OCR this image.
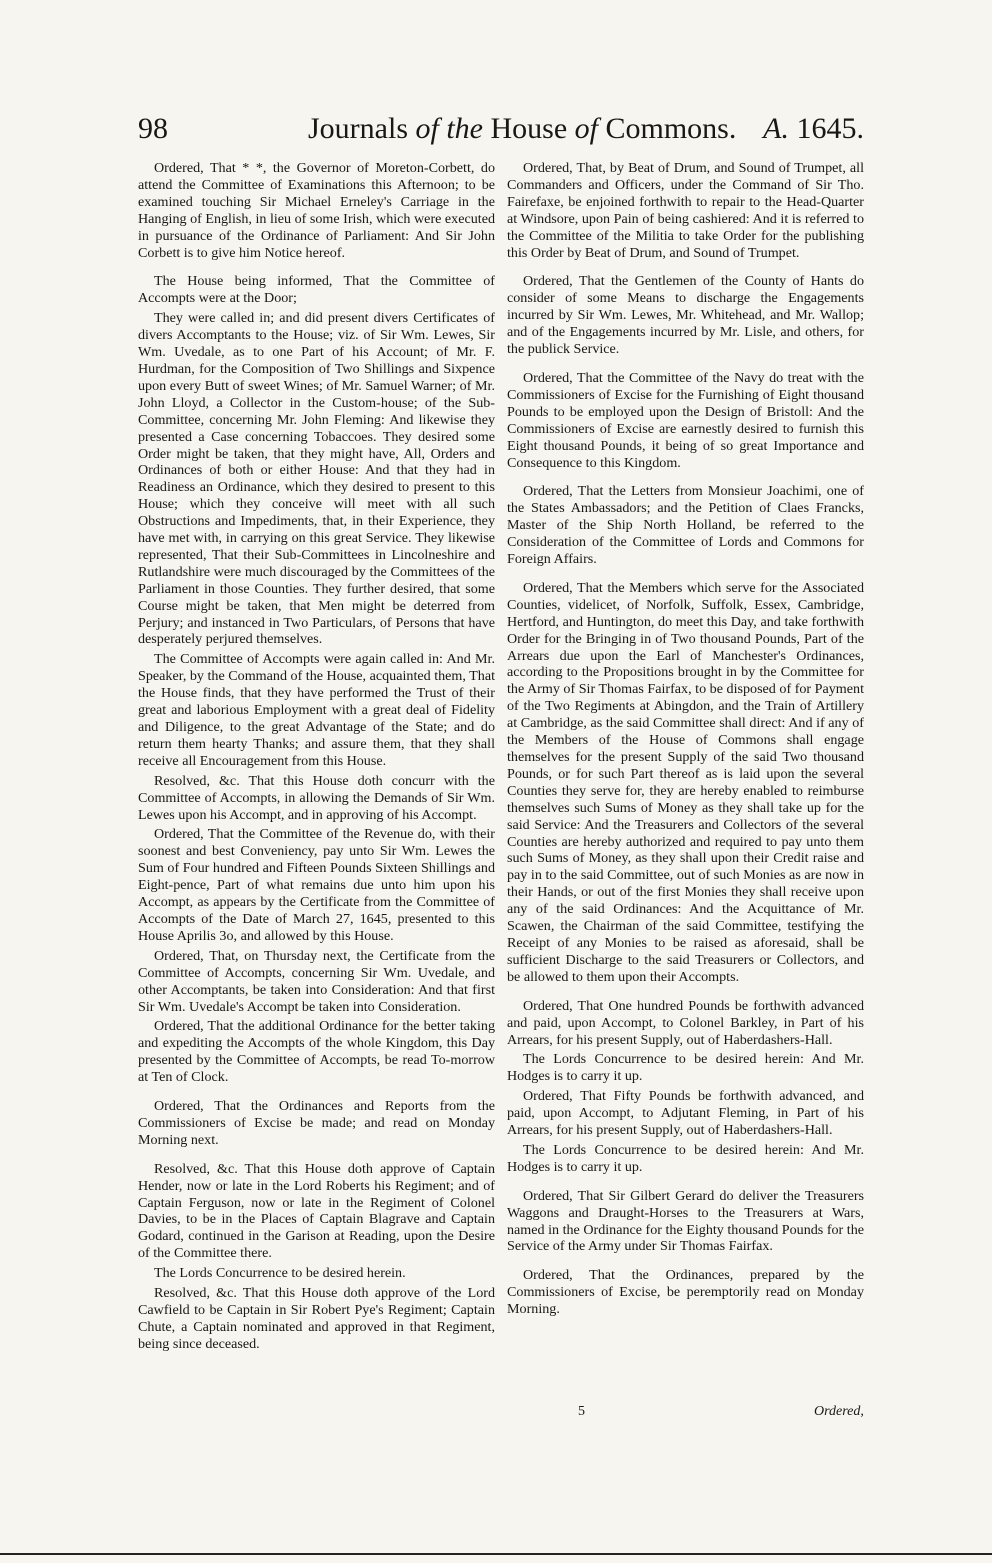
98	Journals of the House of Commons. A. 1645.

Ordered, That * *, the Governor of Moreton-Corbett, do attend the Committee of Examinations this Afternoon; to be examined touching Sir Michael Erneley's Carriage in the Hanging of English, in lieu of some Irish, which were executed in pursuance of the Ordinance of Parliament: And Sir John Corbett is to give him Notice hereof.

The House being informed, That the Committee of Accompts were at the Door;

They were called in; and did present divers Certificates of divers Accomptants to the House; viz. of Sir Wm. Lewes, Sir Wm. Uvedale, as to one Part of his Account; of Mr. F. Hurdman, for the Composition of Two Shillings and Sixpence upon every Butt of sweet Wines; of Mr. Samuel Warner; of Mr. John Lloyd, a Collector in the Custom-house; of the Sub-Committee, concerning Mr. John Fleming: And likewise they presented a Case concerning Tobaccoes. They desired some Order might be taken, that they might have, All, Orders and Ordinances of both or either House: And that they had in Readiness an Ordinance, which they desired to present to this House; which they conceive will meet with all such Obstructions and Impediments, that, in their Experience, they have met with, in carrying on this great Service. They likewise represented, That their Sub-Committees in Lincolneshire and Rutlandshire were much discouraged by the Committees of the Parliament in those Counties. They further desired, that some Course might be taken, that Men might be deterred from Perjury; and instanced in Two Particulars, of Persons that have desperately perjured themselves.

The Committee of Accompts were again called in: And Mr. Speaker, by the Command of the House, acquainted them, That the House finds, that they have performed the Trust of their great and laborious Employment with a great deal of Fidelity and Diligence, to the great Advantage of the State; and do return them hearty Thanks; and assure them, that they shall receive all Encouragement from this House.

Resolved, &c. That this House doth concurr with the Committee of Accompts, in allowing the Demands of Sir Wm. Lewes upon his Accompt, and in approving of his Accompt.

Ordered, That the Committee of the Revenue do, with their soonest and best Conveniency, pay unto Sir Wm. Lewes the Sum of Four hundred and Fifteen Pounds Sixteen Shillings and Eight-pence, Part of what remains due unto him upon his Accompt, as appears by the Certificate from the Committee of Accompts of the Date of March 27, 1645, presented to this House Aprilis 3o, and allowed by this House.

Ordered, That, on Thursday next, the Certificate from the Committee of Accompts, concerning Sir Wm. Uvedale, and other Accomptants, be taken into Consideration: And that first Sir Wm. Uvedale's Accompt be taken into Consideration.

Ordered, That the additional Ordinance for the better taking and expediting the Accompts of the whole Kingdom, this Day presented by the Committee of Accompts, be read To-morrow at Ten of Clock.

Ordered, That the Ordinances and Reports from the Commissioners of Excise be made; and read on Monday Morning next.

Resolved, &c. That this House doth approve of Captain Hender, now or late in the Lord Roberts his Regiment; and of Captain Ferguson, now or late in the Regiment of Colonel Davies, to be in the Places of Captain Blagrave and Captain Godard, continued in the Garison at Reading, upon the Desire of the Committee there.

The Lords Concurrence to be desired herein.

Resolved, &c. That this House doth approve of the Lord Cawfield to be Captain in Sir Robert Pye's Regiment; Captain Chute, a Captain nominated and approved in that Regiment, being since deceased.

Ordered, That, by Beat of Drum, and Sound of Trumpet, all Commanders and Officers, under the Command of Sir Tho. Fairefaxe, be enjoined forthwith to repair to the Head-Quarter at Windsore, upon Pain of being cashiered: And it is referred to the Committee of the Militia to take Order for the publishing this Order by Beat of Drum, and Sound of Trumpet.

Ordered, That the Gentlemen of the County of Hants do consider of some Means to discharge the Engagements incurred by Sir Wm. Lewes, Mr. Whitehead, and Mr. Wallop; and of the Engagements incurred by Mr. Lisle, and others, for the publick Service.

Ordered, That the Committee of the Navy do treat with the Commissioners of Excise for the Furnishing of Eight thousand Pounds to be employed upon the Design of Bristoll: And the Commissioners of Excise are earnestly desired to furnish this Eight thousand Pounds, it being of so great Importance and Consequence to this Kingdom.

Ordered, That the Letters from Monsieur Joachimi, one of the States Ambassadors; and the Petition of Claes Francks, Master of the Ship North Holland, be referred to the Consideration of the Committee of Lords and Commons for Foreign Affairs.

Ordered, That the Members which serve for the Associated Counties, videlicet, of Norfolk, Suffolk, Essex, Cambridge, Hertford, and Huntington, do meet this Day, and take forthwith Order for the Bringing in of Two thousand Pounds, Part of the Arrears due upon the Earl of Manchester's Ordinances, according to the Propositions brought in by the Committee for the Army of Sir Thomas Fairfax, to be disposed of for Payment of the Two Regiments at Abingdon, and the Train of Artillery at Cambridge, as the said Committee shall direct: And if any of the Members of the House of Commons shall engage themselves for the present Supply of the said Two thousand Pounds, or for such Part thereof as is laid upon the several Counties they serve for, they are hereby enabled to reimburse themselves such Sums of Money as they shall take up for the said Service: And the Treasurers and Collectors of the several Counties are hereby authorized and required to pay unto them such Sums of Money, as they shall upon their Credit raise and pay in to the said Committee, out of such Monies as are now in their Hands, or out of the first Monies they shall receive upon any of the said Ordinances: And the Acquittance of Mr. Scawen, the Chairman of the said Committee, testifying the Receipt of any Monies to be raised as aforesaid, shall be sufficient Discharge to the said Treasurers or Collectors, and be allowed to them upon their Accompts.

Ordered, That One hundred Pounds be forthwith advanced and paid, upon Accompt, to Colonel Barkley, in Part of his Arrears, for his present Supply, out of Haberdashers-Hall.

The Lords Concurrence to be desired herein: And Mr. Hodges is to carry it up.

Ordered, That Fifty Pounds be forthwith advanced, and paid, upon Accompt, to Adjutant Fleming, in Part of his Arrears, for his present Supply, out of Haberdashers-Hall.

The Lords Concurrence to be desired herein: And Mr. Hodges is to carry it up.

Ordered, That Sir Gilbert Gerard do deliver the Treasurers Waggons and Draught-Horses to the Treasurers at Wars, named in the Ordinance for the Eighty thousand Pounds for the Service of the Army under Sir Thomas Fairfax.

Ordered, That the Ordinances, prepared by the Commissioners of Excise, be peremptorily read on Monday Morning.

5	Ordered,
